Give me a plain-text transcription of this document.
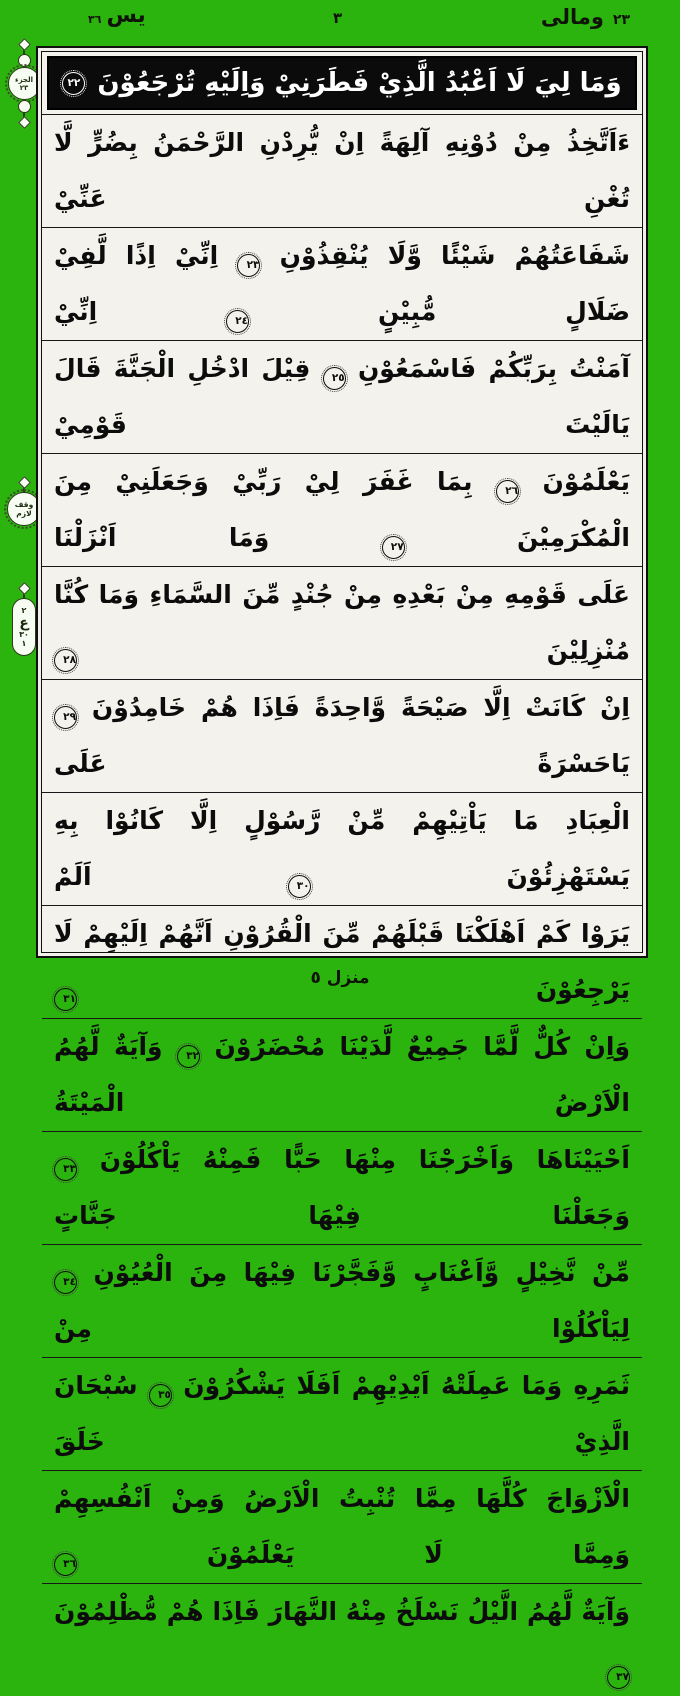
ومالى ٢٣
٣
يس
٣٦
الجزء
٢٣
وقف
لازم
٢
ع
٣٠
١
وَمَا لِيَ لَا اَعْبُدُ الَّذِيْ فَطَرَنِيْ وَاِلَيْهِ تُرْجَعُوْنَ
٢٢
ءَاَتَّخِذُ مِنْ دُوْنِهِ آلِهَةً اِنْ يُّرِدْنِ الرَّحْمَنُ بِضُرٍّ لَّا تُغْنِ عَنِّيْ
شَفَاعَتُهُمْ شَيْئًا وَّلَا يُنْقِذُوْنِ ٢٣ اِنِّيْ اِذًا لَّفِيْ ضَلَالٍ مُّبِيْنٍ ٢٤ اِنِّيْ
آمَنْتُ بِرَبِّكُمْ فَاسْمَعُوْنِ ٢٥ قِيْلَ ادْخُلِ الْجَنَّةَ قَالَ يَالَيْتَ قَوْمِيْ
يَعْلَمُوْنَ ٢٦ بِمَا غَفَرَ لِيْ رَبِّيْ وَجَعَلَنِيْ مِنَ الْمُكْرَمِيْنَ ٢٧ وَمَا اَنْزَلْنَا
عَلَى قَوْمِهِ مِنْ بَعْدِهِ مِنْ جُنْدٍ مِّنَ السَّمَاءِ وَمَا كُنَّا مُنْزِلِيْنَ ٢٨
اِنْ كَانَتْ اِلَّا صَيْحَةً وَّاحِدَةً فَاِذَا هُمْ خَامِدُوْنَ ٢٩ يَاحَسْرَةً عَلَى
الْعِبَادِ مَا يَاْتِيْهِمْ مِّنْ رَّسُوْلٍ اِلَّا كَانُوْا بِهِ يَسْتَهْزِئُوْنَ ٣٠ اَلَمْ
يَرَوْا كَمْ اَهْلَكْنَا قَبْلَهُمْ مِّنَ الْقُرُوْنِ اَنَّهُمْ اِلَيْهِمْ لَا يَرْجِعُوْنَ ٣١
وَاِنْ كُلٌّ لَّمَّا جَمِيْعٌ لَّدَيْنَا مُحْضَرُوْنَ ٣٢ وَآيَةٌ لَّهُمُ الْاَرْضُ الْمَيْتَةُ
اَحْيَيْنَاهَا وَاَخْرَجْنَا مِنْهَا حَبًّا فَمِنْهُ يَاْكُلُوْنَ ٣٣ وَجَعَلْنَا فِيْهَا جَنَّاتٍ
مِّنْ نَّخِيْلٍ وَّاَعْنَابٍ وَّفَجَّرْنَا فِيْهَا مِنَ الْعُيُوْنِ ٣٤ لِيَاْكُلُوْا مِنْ
ثَمَرِهِ وَمَا عَمِلَتْهُ اَيْدِيْهِمْ اَفَلَا يَشْكُرُوْنَ ٣٥ سُبْحَانَ الَّذِيْ خَلَقَ
الْاَزْوَاجَ كُلَّهَا مِمَّا تُنْبِتُ الْاَرْضُ وَمِنْ اَنْفُسِهِمْ وَمِمَّا لَا يَعْلَمُوْنَ ٣٦
وَآيَةٌ لَّهُمُ الَّيْلُ نَسْلَخُ مِنْهُ النَّهَارَ فَاِذَا هُمْ مُّظْلِمُوْنَ ٣٧
منزل ٥
